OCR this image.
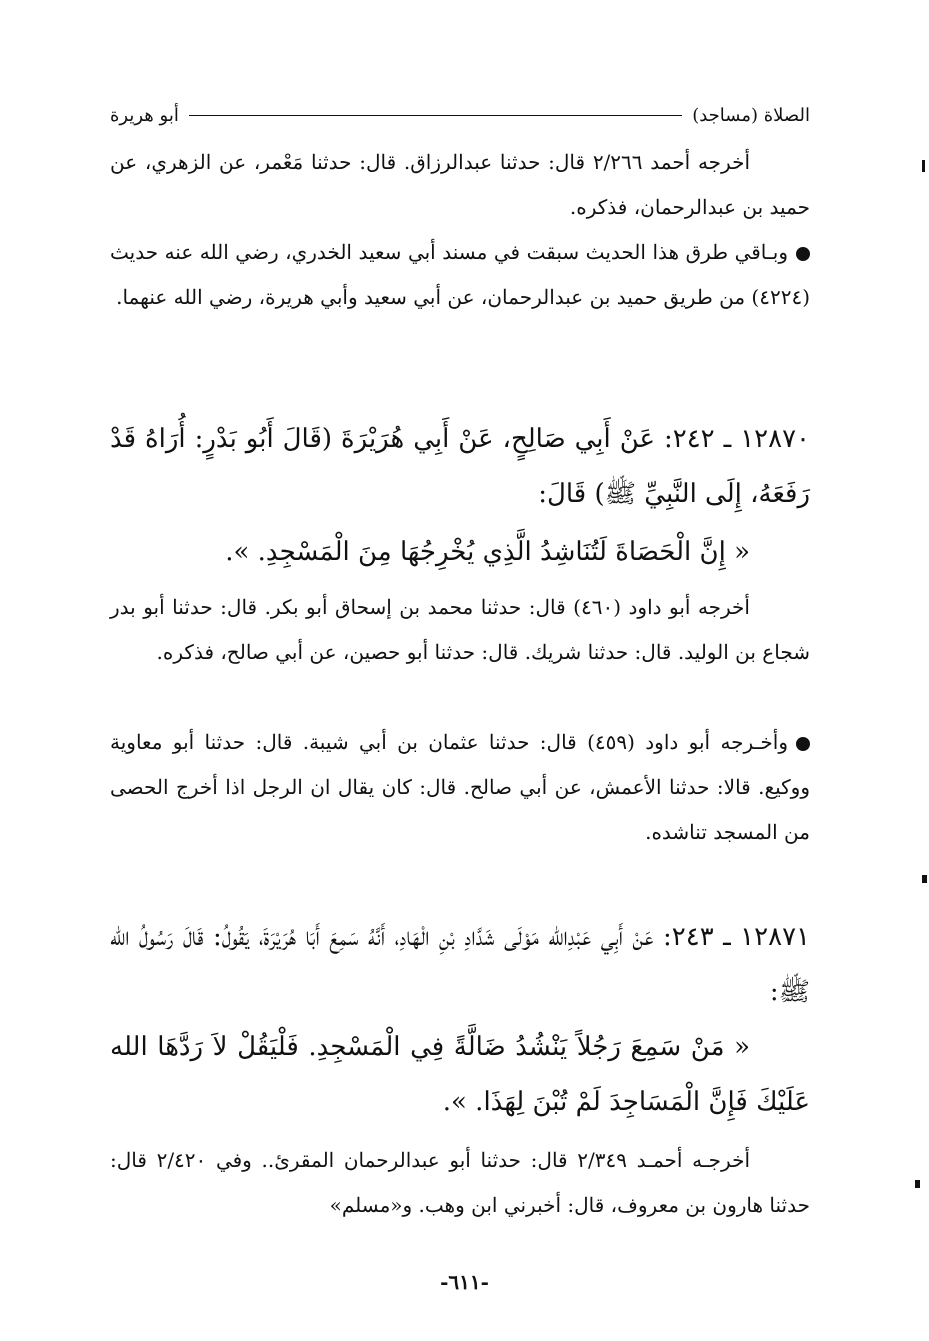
الصلاة (مساجد)
أبو هريرة
أخرجه أحمد ٢/٢٦٦ قال: حدثنا عبدالرزاق. قال: حدثنا مَعْمر، عن الزهري، عن حميد بن عبدالرحمان، فذكره.
وبـاقي طرق هذا الحديث سبقت في مسند أبي سعيد الخدري، رضي الله عنه حديث (٤٢٢٤) من طريق حميد بن عبدالرحمان، عن أبي سعيد وأبي هريرة، رضي الله عنهما.
١٢٨٧٠ ـ ٢٤٢: عَنْ أَبِي صَالِحٍ، عَنْ أَبِي هُرَيْرَةَ (قَالَ أَبُو بَدْرٍ: أُرَاهُ قَدْ رَفَعَهُ، إِلَى النَّبِيِّ ﷺ) قَالَ:
« إِنَّ الْحَصَاةَ لَتُنَاشِدُ الَّذِي يُخْرِجُهَا مِنَ الْمَسْجِدِ. ».
أخرجه أبو داود (٤٦٠) قال: حدثنا محمد بن إسحاق أبو بكر. قال: حدثنا أبو بدر شجاع بن الوليد. قال: حدثنا شريك. قال: حدثنا أبو حصين، عن أبي صالح، فذكره.
وأخـرجه أبو داود (٤٥٩) قال: حدثنا عثمان بن أبي شيبة. قال: حدثنا أبو معاوية ووكيع. قالا: حدثنا الأعمش، عن أبي صالح. قال: كان يقال ان الرجل اذا أخرج الحصى من المسجد تناشده.
١٢٨٧١ ـ ٢٤٣: عَنْ أَبِي عَبْدِالله مَوْلَى شَدَّادِ بْنِ الْهَادِ، أَنَّهُ سَمِعَ أَبَا هُرَيْرَةَ، يَقُولُ: قَالَ رَسُولُ الله ﷺ:
« مَنْ سَمِعَ رَجُلاً يَنْشُدُ ضَالَّةً فِي الْمَسْجِدِ. فَلْيَقُلْ لاَ رَدَّهَا الله عَلَيْكَ فَإِنَّ الْمَسَاجِدَ لَمْ تُبْنَ لِهَذَا. ».
أخرجـه أحمـد ٢/٣٤٩ قال: حدثنا أبو عبدالرحمان المقرئ.. وفي ٢/٤٢٠ قال: حدثنا هارون بن معروف، قال: أخبرني ابن وهب. و«مسلم»
-٦١١-
